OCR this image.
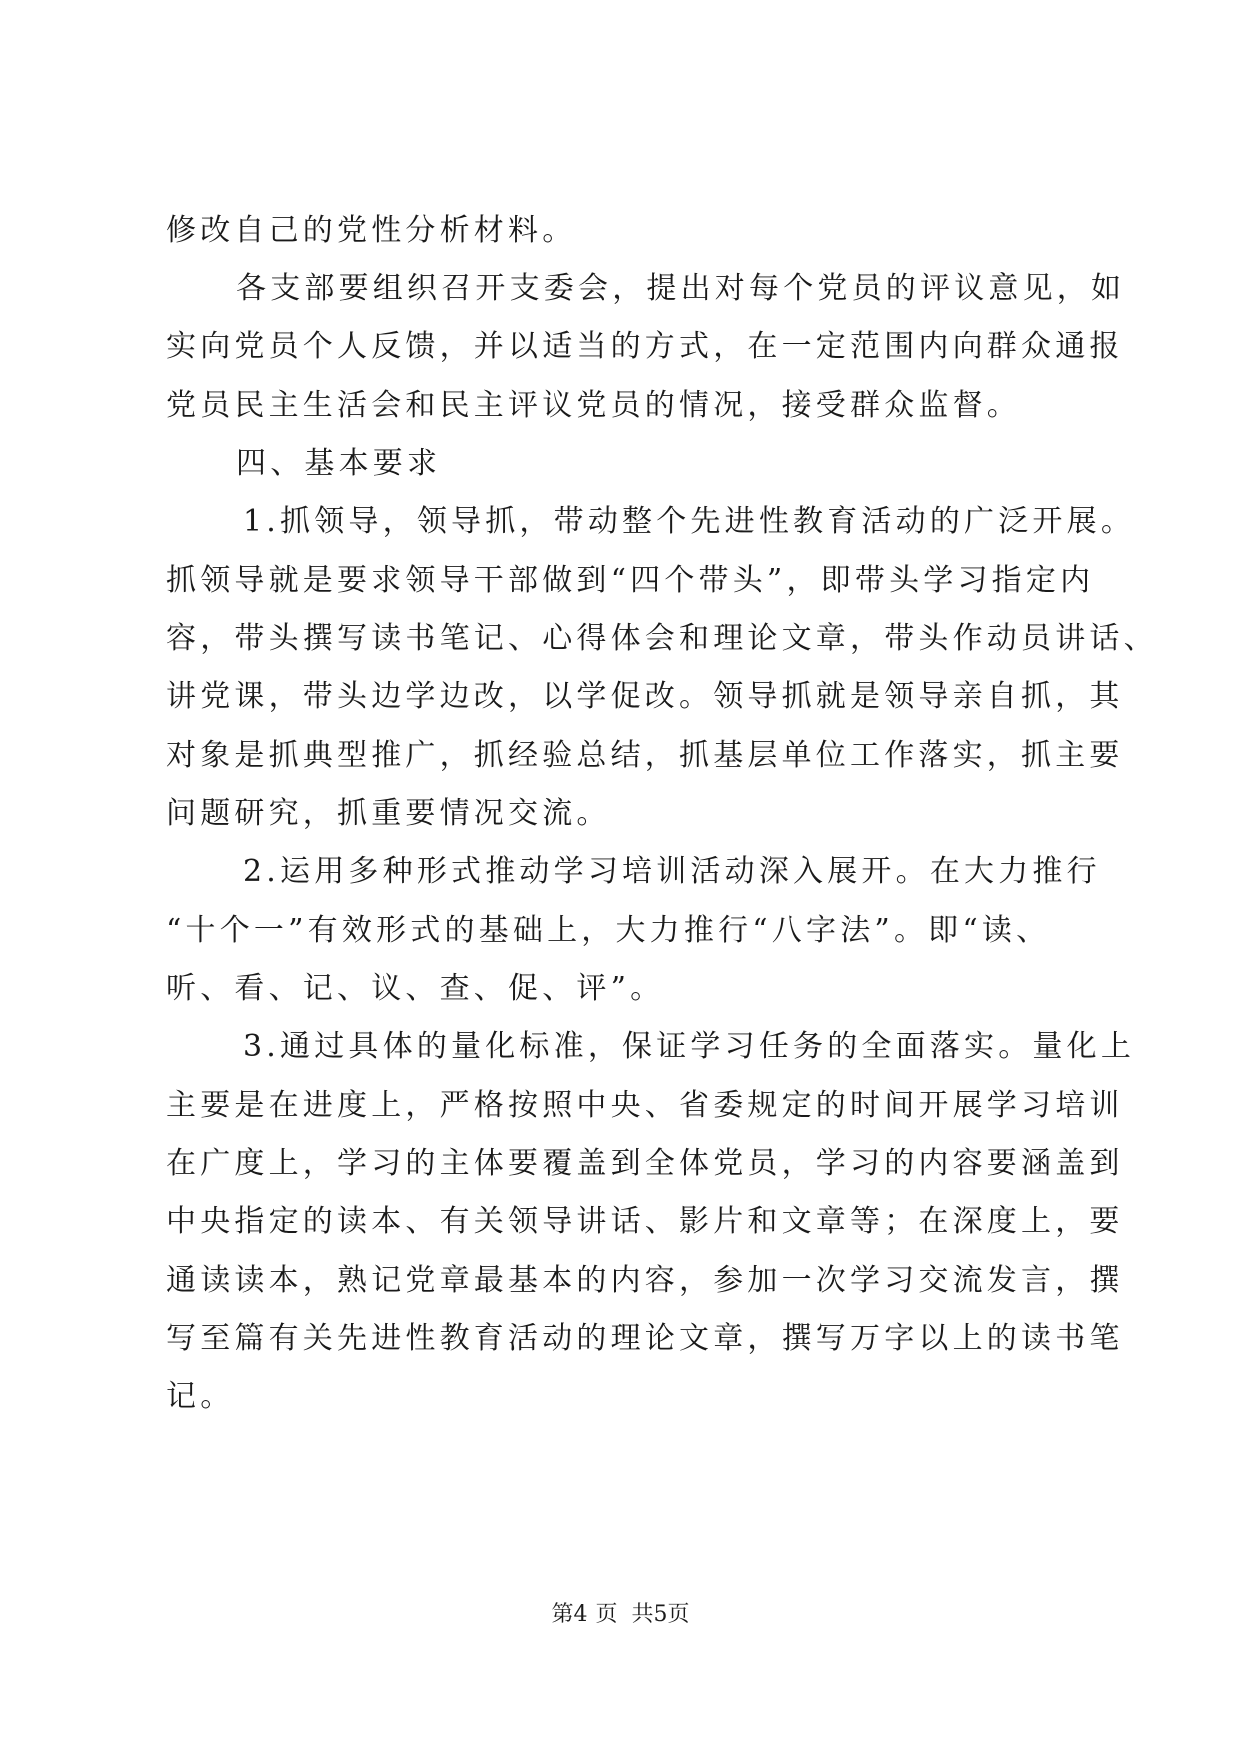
修改自己的党性分析材料。
各支部要组织召开支委会，提出对每个党员的评议意见，如
实向党员个人反馈，并以适当的方式，在一定范围内向群众通报
党员民主生活会和民主评议党员的情况，接受群众监督。
四、基本要求
1.抓领导，领导抓，带动整个先进性教育活动的广泛开展。
抓领导就是要求领导干部做到“四个带头”，即带头学习指定内
容，带头撰写读书笔记、心得体会和理论文章，带头作动员讲话、
讲党课，带头边学边改，以学促改。领导抓就是领导亲自抓，其
对象是抓典型推广，抓经验总结，抓基层单位工作落实，抓主要
问题研究，抓重要情况交流。
2.运用多种形式推动学习培训活动深入展开。在大力推行
“十个一”有效形式的基础上，大力推行“八字法”。即“读、
听、看、记、议、查、促、评”。
3.通过具体的量化标准，保证学习任务的全面落实。量化上
主要是在进度上，严格按照中央、省委规定的时间开展学习培训
在广度上，学习的主体要覆盖到全体党员，学习的内容要涵盖到
中央指定的读本、有关领导讲话、影片和文章等；在深度上，要
通读读本，熟记党章最基本的内容，参加一次学习交流发言，撰
写至篇有关先进性教育活动的理论文章，撰写万字以上的读书笔
记。
第4 页 共5页
